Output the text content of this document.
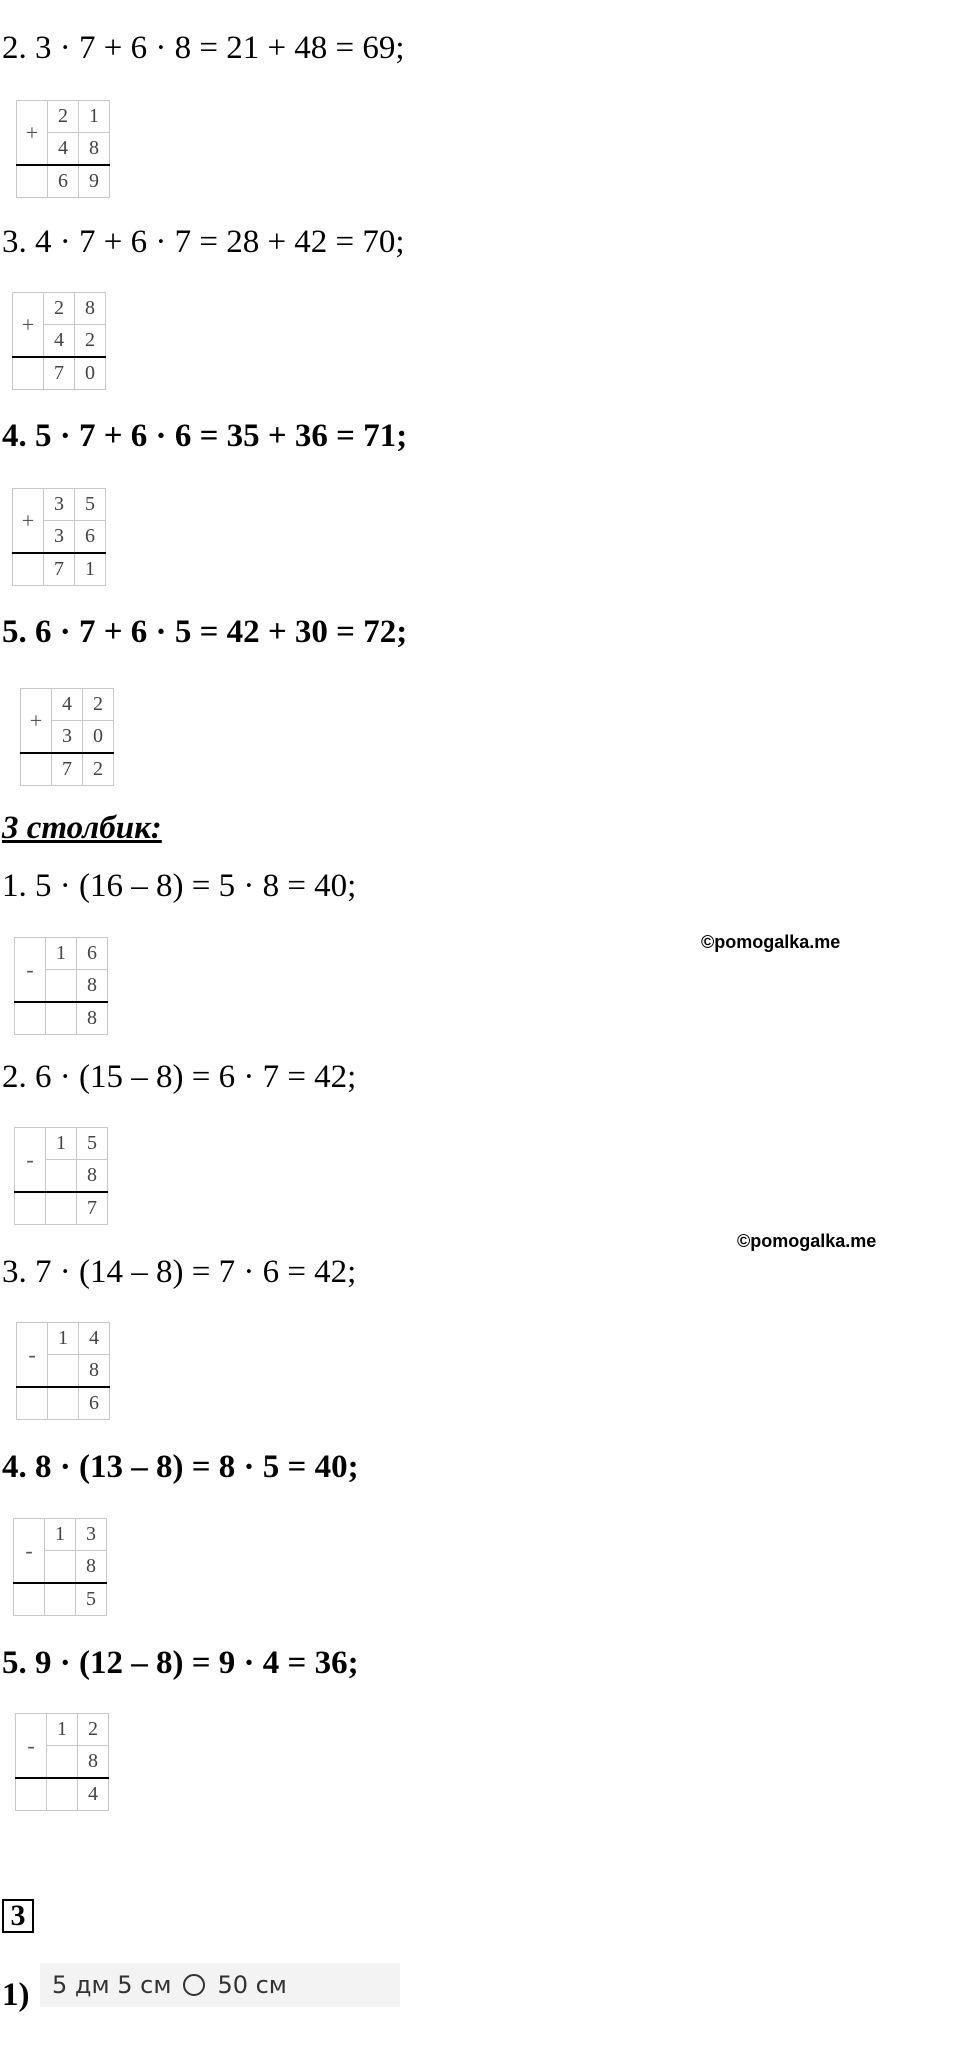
2. 3 · 7 + 6 · 8 = 21 + 48 = 69;
+	2	1
	4	8
	6	9
3. 4 · 7 + 6 · 7 = 28 + 42 = 70;
+	2	8
	4	2
	7	0
4. 5 · 7 + 6 · 6 = 35 + 36 = 71;
+	3	5
	3	6
	7	1
5. 6 · 7 + 6 · 5 = 42 + 30 = 72;
+	4	2
	3	0
	7	2
3 столбик:
1. 5 · (16 – 8) = 5 · 8 = 40;
©pomogalka.me
-	1	6
		8
		8
2. 6 · (15 – 8) = 6 · 7 = 42;
-	1	5
		8
		7
©pomogalka.me
3. 7 · (14 – 8) = 7 · 6 = 42;
-	1	4
		8
		6
4. 8 · (13 – 8) = 8 · 5 = 40;
-	1	3
		8
		5
5. 9 · (12 – 8) = 9 · 4 = 36;
-	1	2
		8
		4
3
1) 5 дм 5 см 50 см
